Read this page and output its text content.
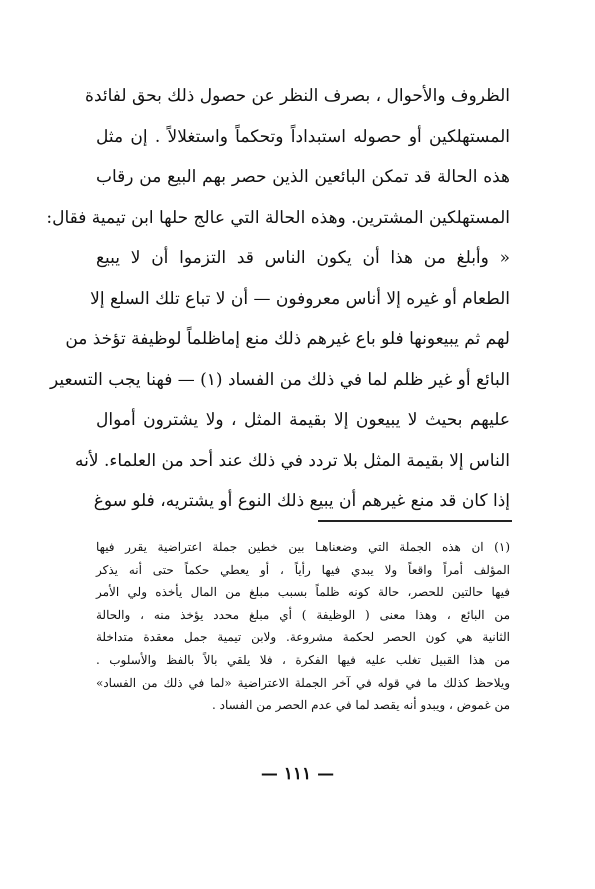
الظروف والأحوال ، بصرف النظر عن حصول ذلك بحق لفائدة
المستهلكين أو حصوله استبداداً وتحكماً واستغلالاً . إن مثل
هذه الحالة قد تمكن البائعين الذين حصر بهم البيع من رقاب
المستهلكين المشترين. وهذه الحالة التي عالج حلها ابن تيمية فقال:
« وأبلغ من هذا أن يكون الناس قد التزموا أن لا يبيع
الطعام أو غيره إلا أناس معروفون — أن لا تباع تلك السلع إلا
لهم ثم يبيعونها فلو باع غيرهم ذلك منع إماظلماً لوظيفة تؤخذ من
البائع أو غير ظلم لما في ذلك من الفساد (١) — فهنا يجب التسعير
عليهم بحيث لا يبيعون إلا بقيمة المثل ، ولا يشترون أموال
الناس إلا بقيمة المثل بلا تردد في ذلك عند أحد من العلماء. لأنه
إذا كان قد منع غيرهم أن يبيع ذلك النوع أو يشتريه، فلو سوغ
(١) ان هذه الجملة التي وضعناهـا بين خطين جملة اعتراضية يقرر فيها
المؤلف أمراً واقعاً ولا يبدي فيها رأياً ، أو يعطي حكماً حتى أنه يذكر
فيها حالتين للحصر، حالة كونه ظلماً بسبب مبلغ من المال يأخذه ولي الأمر
من البائع ، وهذا معنى ( الوظيفة ) أي مبلغ محدد يؤخذ منه ، والحالة
الثانية هي كون الحصر لحكمة مشروعة. ولابن تيمية جمل معقدة متداخلة
من هذا القبيل تغلب عليه فيها الفكرة ، فلا يلقي بالاً بالفظ والأسلوب .
ويلاحظ كذلك ما في قوله في آخر الجملة الاعتراضية «لما في ذلك من الفساد»
من غموض ، ويبدو أنه يقصد لما في عدم الحصر من الفساد .
— ١١١ —
